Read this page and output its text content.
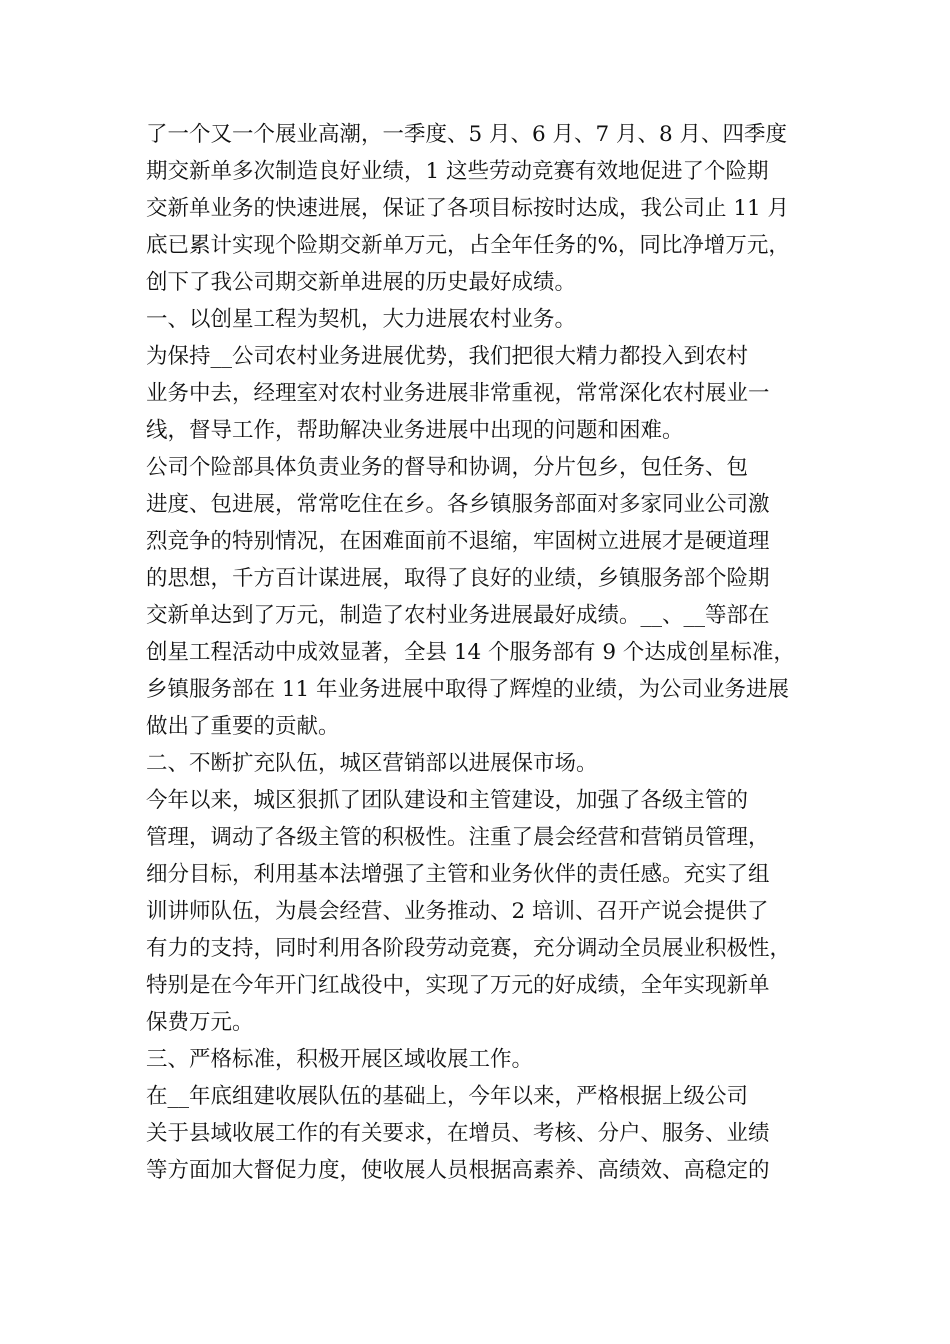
了一个又一个展业高潮，一季度、5 月、6 月、7 月、8 月、四季度
期交新单多次制造良好业绩，1 这些劳动竞赛有效地促进了个险期
交新单业务的快速进展，保证了各项目标按时达成，我公司止 11 月
底已累计实现个险期交新单万元，占全年任务的%，同比净增万元，
创下了我公司期交新单进展的历史最好成绩。
一、以创星工程为契机，大力进展农村业务。
为保持__公司农村业务进展优势，我们把很大精力都投入到农村
业务中去，经理室对农村业务进展非常重视，常常深化农村展业一
线，督导工作，帮助解决业务进展中出现的问题和困难。
公司个险部具体负责业务的督导和协调，分片包乡，包任务、包
进度、包进展，常常吃住在乡。各乡镇服务部面对多家同业公司激
烈竞争的特别情况，在困难面前不退缩，牢固树立进展才是硬道理
的思想，千方百计谋进展，取得了良好的业绩，乡镇服务部个险期
交新单达到了万元，制造了农村业务进展最好成绩。__、__等部在
创星工程活动中成效显著，全县 14 个服务部有 9 个达成创星标准，
乡镇服务部在 11 年业务进展中取得了辉煌的业绩，为公司业务进展
做出了重要的贡献。
二、不断扩充队伍，城区营销部以进展保市场。
今年以来，城区狠抓了团队建设和主管建设，加强了各级主管的
管理，调动了各级主管的积极性。注重了晨会经营和营销员管理，
细分目标，利用基本法增强了主管和业务伙伴的责任感。充实了组
训讲师队伍，为晨会经营、业务推动、2 培训、召开产说会提供了
有力的支持，同时利用各阶段劳动竞赛，充分调动全员展业积极性，
特别是在今年开门红战役中，实现了万元的好成绩，全年实现新单
保费万元。
三、严格标准，积极开展区域收展工作。
在__年底组建收展队伍的基础上，今年以来，严格根据上级公司
关于县域收展工作的有关要求，在增员、考核、分户、服务、业绩
等方面加大督促力度，使收展人员根据高素养、高绩效、高稳定的
